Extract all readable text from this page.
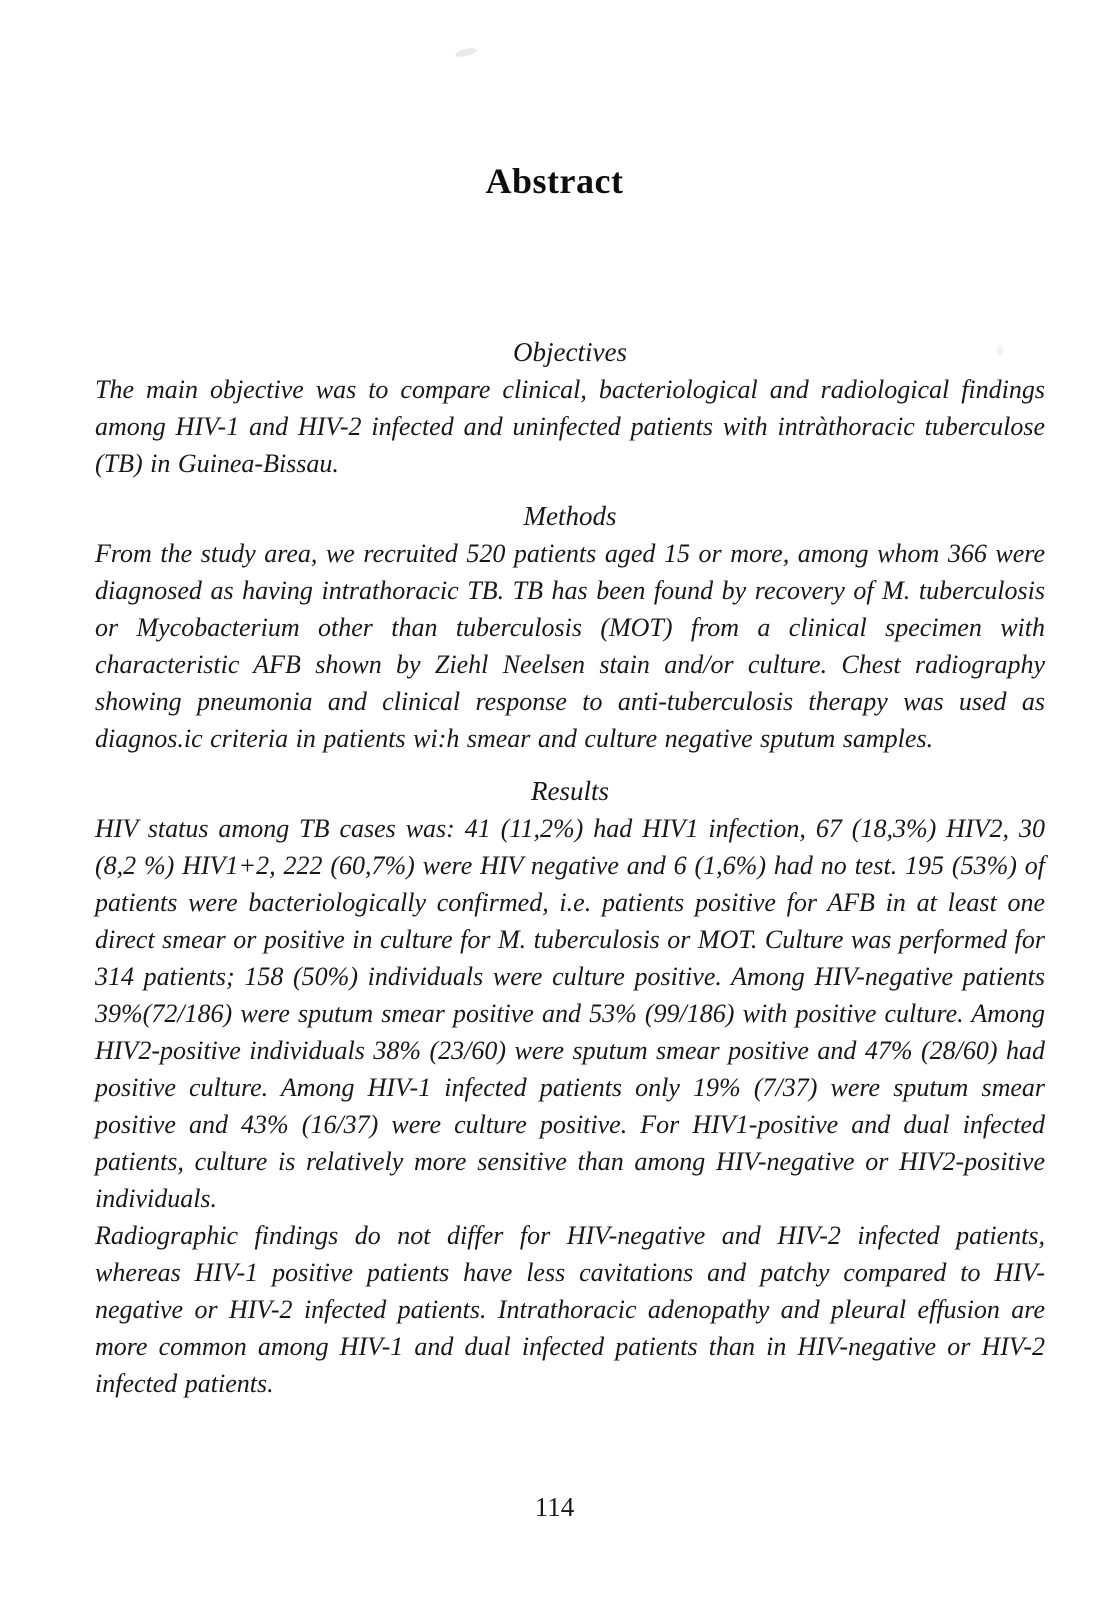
Abstract
Objectives

The main objective was to compare clinical, bacteriological and radiological findings among HIV-1 and HIV-2 infected and uninfected patients with intràthoracic tuberculose (TB) in Guinea-Bissau.

Methods

From the study area, we recruited 520 patients aged 15 or more, among whom 366 were diagnosed as having intrathoracic TB. TB has been found by recovery of M. tuberculosis or Mycobacterium other than tuberculosis (MOT) from a clinical specimen with characteristic AFB shown by Ziehl Neelsen stain and/or culture. Chest radiography showing pneumonia and clinical response to anti-tuberculosis therapy was used as diagnos.ic criteria in patients wi:h smear and culture negative sputum samples.

Results

HIV status among TB cases was: 41 (11,2%) had HIV1 infection, 67 (18,3%) HIV2, 30 (8,2 %) HIV1+2, 222 (60,7%) were HIV negative and 6 (1,6%) had no test. 195 (53%) of patients were bacteriologically confirmed, i.e. patients positive for AFB in at least one direct smear or positive in culture for M. tuberculosis or MOT. Culture was performed for 314 patients; 158 (50%) individuals were culture positive. Among HIV-negative patients 39%(72/186) were sputum smear positive and 53% (99/186) with positive culture. Among HIV2-positive individuals 38% (23/60) were sputum smear positive and 47% (28/60) had positive culture. Among HIV-1 infected patients only 19% (7/37) were sputum smear positive and 43% (16/37) were culture positive. For HIV1-positive and dual infected patients, culture is relatively more sensitive than among HIV-negative or HIV2-positive individuals.

Radiographic findings do not differ for HIV-negative and HIV-2 infected patients, whereas HIV-1 positive patients have less cavitations and patchy compared to HIV-negative or HIV-2 infected patients. Intrathoracic adenopathy and pleural effusion are more common among HIV-1 and dual infected patients than in HIV-negative or HIV-2 infected patients.

114
